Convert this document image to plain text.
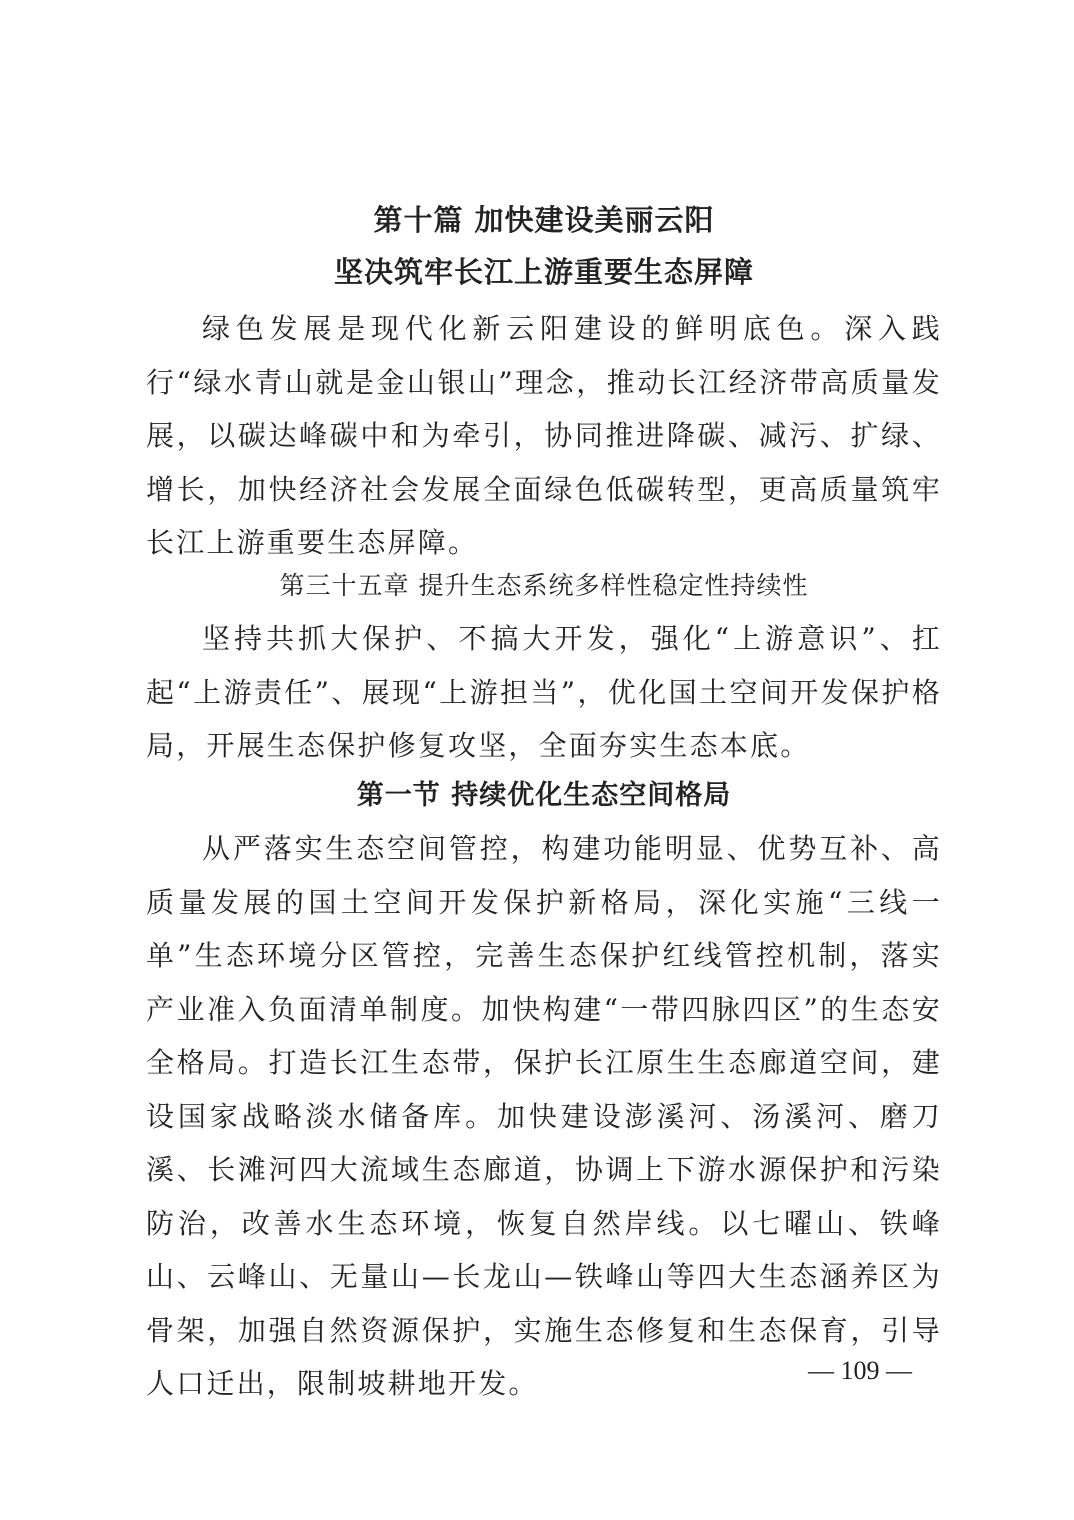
第十篇 加快建设美丽云阳
坚决筑牢长江上游重要生态屏障

绿色发展是现代化新云阳建设的鲜明底色。深入践行“绿水青山就是金山银山”理念，推动长江经济带高质量发展，以碳达峰碳中和为牵引，协同推进降碳、减污、扩绿、增长，加快经济社会发展全面绿色低碳转型，更高质量筑牢长江上游重要生态屏障。

第三十五章 提升生态系统多样性稳定性持续性

坚持共抓大保护、不搞大开发，强化“上游意识”、扛起“上游责任”、展现“上游担当”，优化国土空间开发保护格局，开展生态保护修复攻坚，全面夯实生态本底。

第一节 持续优化生态空间格局

从严落实生态空间管控，构建功能明显、优势互补、高质量发展的国土空间开发保护新格局，深化实施“三线一单”生态环境分区管控，完善生态保护红线管控机制，落实产业准入负面清单制度。加快构建“一带四脉四区”的生态安全格局。打造长江生态带，保护长江原生生态廊道空间，建设国家战略淡水储备库。加快建设澎溪河、汤溪河、磨刀溪、长滩河四大流域生态廊道，协调上下游水源保护和污染防治，改善水生态环境，恢复自然岸线。以七曜山、铁峰山、云峰山、无量山—长龙山—铁峰山等四大生态涵养区为骨架，加强自然资源保护，实施生态修复和生态保育，引导人口迁出，限制坡耕地开发。	— 109 —
